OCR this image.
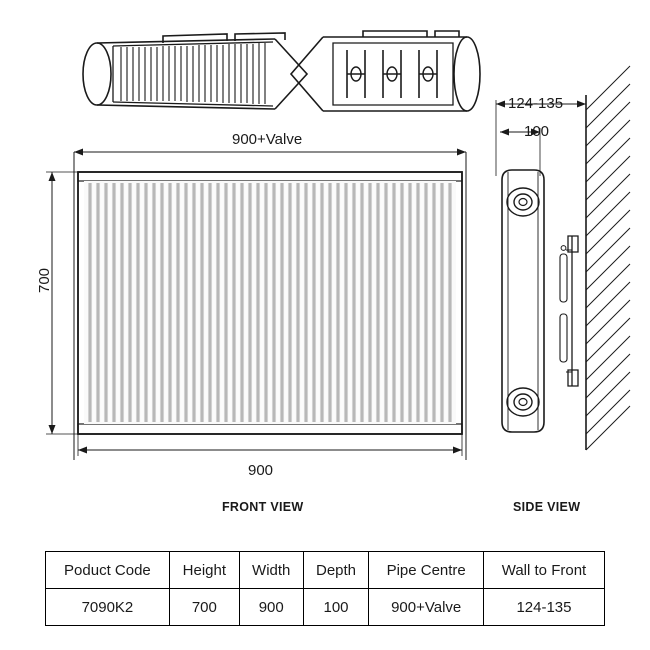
900+Valve
700
900
FRONT VIEW
124-135
100
SIDE VIEW
Poduct Code	Height	Width	Depth	Pipe Centre	Wall to Front
7090K2	700	900	100	900+Valve	124-135
